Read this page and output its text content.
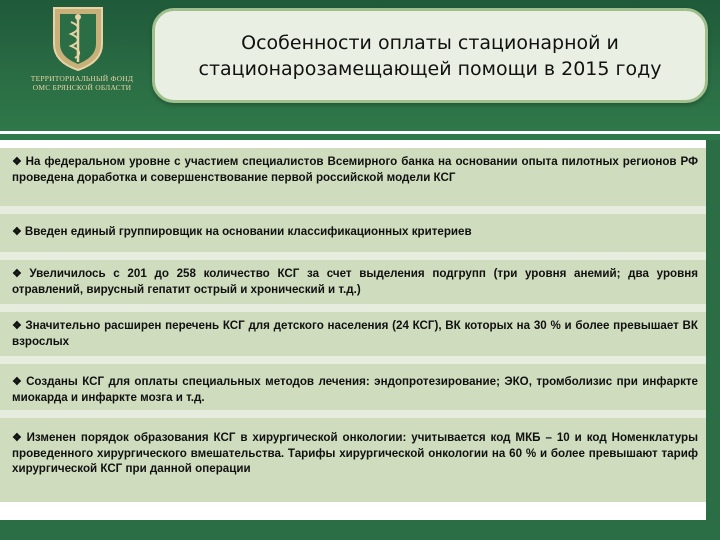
ТЕРРИТОРИАЛЬНЫЙ ФОНД
ОМС БРЯНСКОЙ ОБЛАСТИ
Особенности оплаты стационарной и
стационарозамещающей помощи в 2015 году
❖ На федеральном уровне с участием специалистов Всемирного банка на основании опыта пилотных регионов РФ проведена доработка и совершенствование первой российской модели КСГ
❖ Введен единый группировщик на основании классификационных критериев
❖ Увеличилось с 201 до 258 количество КСГ за счет выделения подгрупп (три уровня анемий; два уровня отравлений, вирусный гепатит острый и хронический и т.д.)
❖ Значительно расширен перечень КСГ для детского населения (24 КСГ), ВК которых на 30 % и более превышает ВК взрослых
❖ Созданы КСГ для оплаты специальных методов лечения: эндопротезирование; ЭКО, тромболизис при инфаркте миокарда и инфаркте мозга и т.д.
❖ Изменен порядок образования КСГ в хирургической онкологии: учитывается код МКБ – 10 и код Номенклатуры проведенного хирургического вмешательства. Тарифы хирургической онкологии на 60 % и более превышают тариф хирургической КСГ при данной операции
